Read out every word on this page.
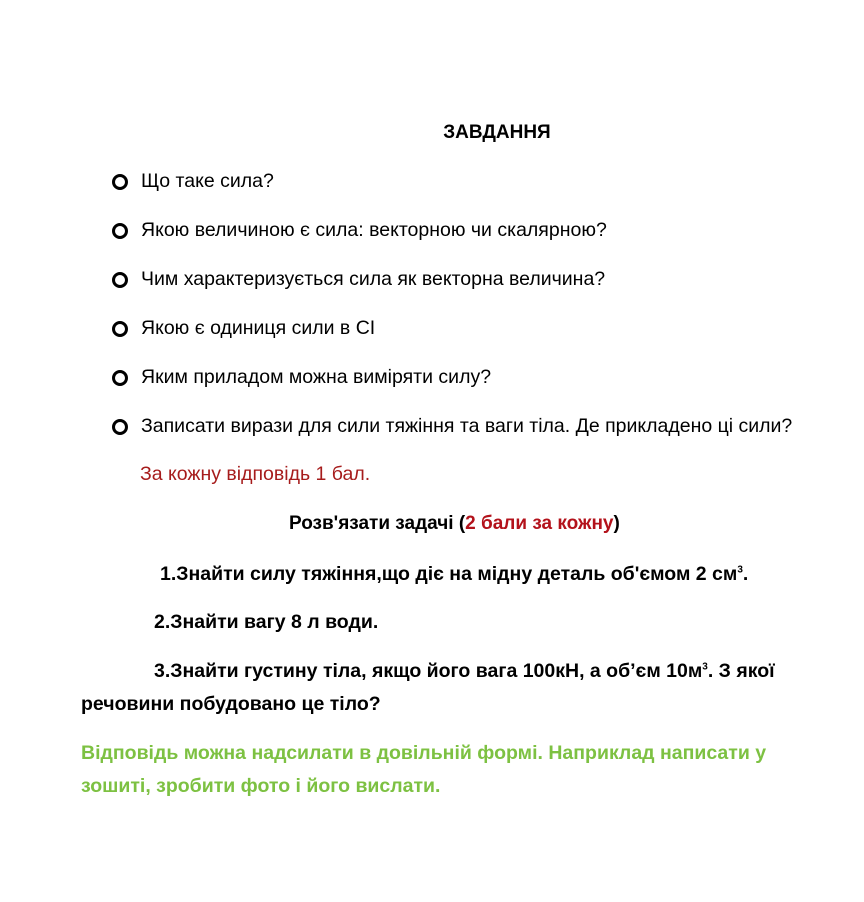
ЗАВДАННЯ
Що таке сила?
Якою величиною є сила: векторною чи скалярною?
Чим характеризується сила як векторна величина?
Якою є одиниця сили в СІ
Яким приладом можна виміряти силу?
Записати вирази для сили тяжіння та ваги тіла. Де прикладено ці сили?
За кожну відповідь 1 бал.
Розв'язати задачі (2 бали за кожну)
1.Знайти силу тяжіння,що діє на мідну деталь об'ємом 2 $см^3$.
2.Знайти вагу 8 л води.
3.Знайти густину тіла, якщо його вага 100кН, а об’єм $10м^3$. З якої
речовини побудовано це тіло?
Відповідь можна надсилати в довільній формі. Наприклад написати у
зошиті, зробити фото і його вислати.
